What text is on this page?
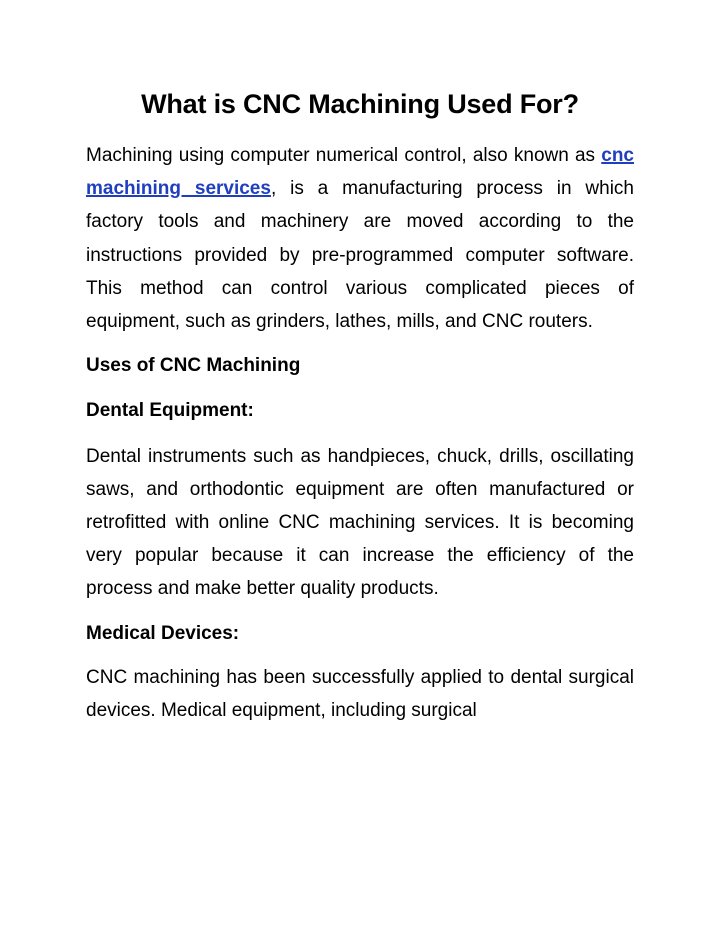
What is CNC Machining Used For?

Machining using computer numerical control, also known as cnc machining services, is a manufacturing process in which factory tools and machinery are moved according to the instructions provided by pre-programmed computer software. This method can control various complicated pieces of equipment, such as grinders, lathes, mills, and CNC routers.

Uses of CNC Machining

Dental Equipment:

Dental instruments such as handpieces, chuck, drills, oscillating saws, and orthodontic equipment are often manufactured or retrofitted with online CNC machining services. It is becoming very popular because it can increase the efficiency of the process and make better quality products.

Medical Devices:

CNC machining has been successfully applied to dental surgical devices. Medical equipment, including surgical
